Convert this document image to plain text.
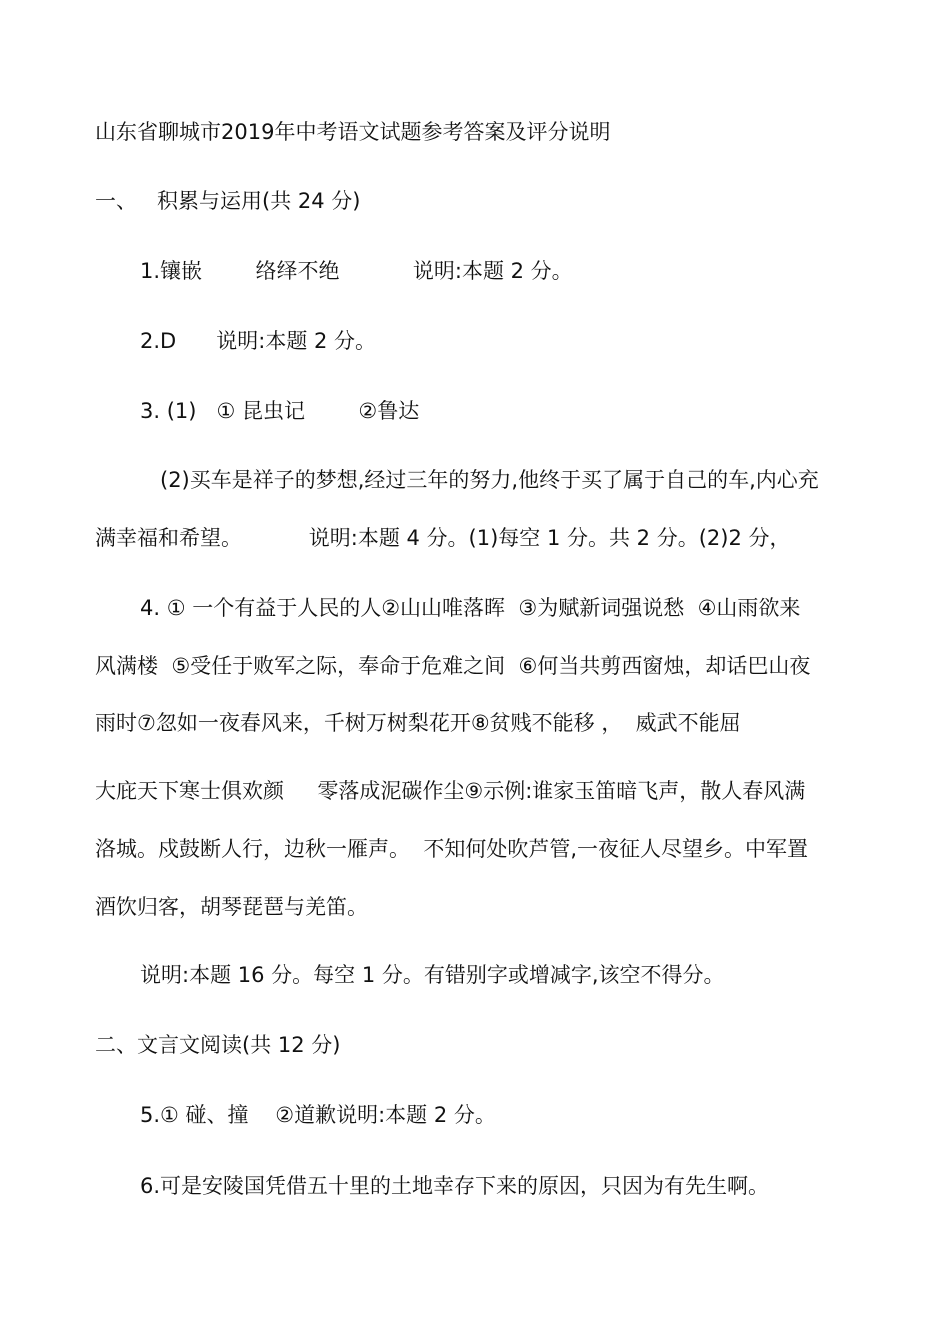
山东省聊城市2019年中考语文试题参考答案及评分说明
一、   积累与运用(共 24 分)
1.镶嵌        络绎不绝           说明:本题 2 分。
2.D      说明:本题 2 分。
3. (1)   ① 昆虫记        ②鲁达
(2)买车是祥子的梦想,经过三年的努力,他终于买了属于自己的车,内心充
满幸福和希望。          说明:本题 4 分。(1)每空 1 分。共 2 分。(2)2 分，
4. ① 一个有益于人民的人②山山唯落晖  ③为赋新词强说愁  ④山雨欲来
风满楼  ⑤受任于败军之际，奉命于危难之间  ⑥何当共剪西窗烛，却话巴山夜
雨时⑦忽如一夜春风来，千树万树梨花开⑧贫贱不能移 ，  威武不能屈
大庇天下寒士俱欢颜     零落成泥碳作尘⑨示例:谁家玉笛暗飞声，散人春风满
洛城。戍鼓断人行，边秋一雁声。  不知何处吹芦管,一夜征人尽望乡。中军置
酒饮归客，胡琴琵琶与羌笛。
说明:本题 16 分。每空 1 分。有错别字或增减字,该空不得分。
二、文言文阅读(共 12 分)
5.① 碰、撞    ②道歉说明:本题 2 分。
6.可是安陵国凭借五十里的土地幸存下来的原因，只因为有先生啊。
